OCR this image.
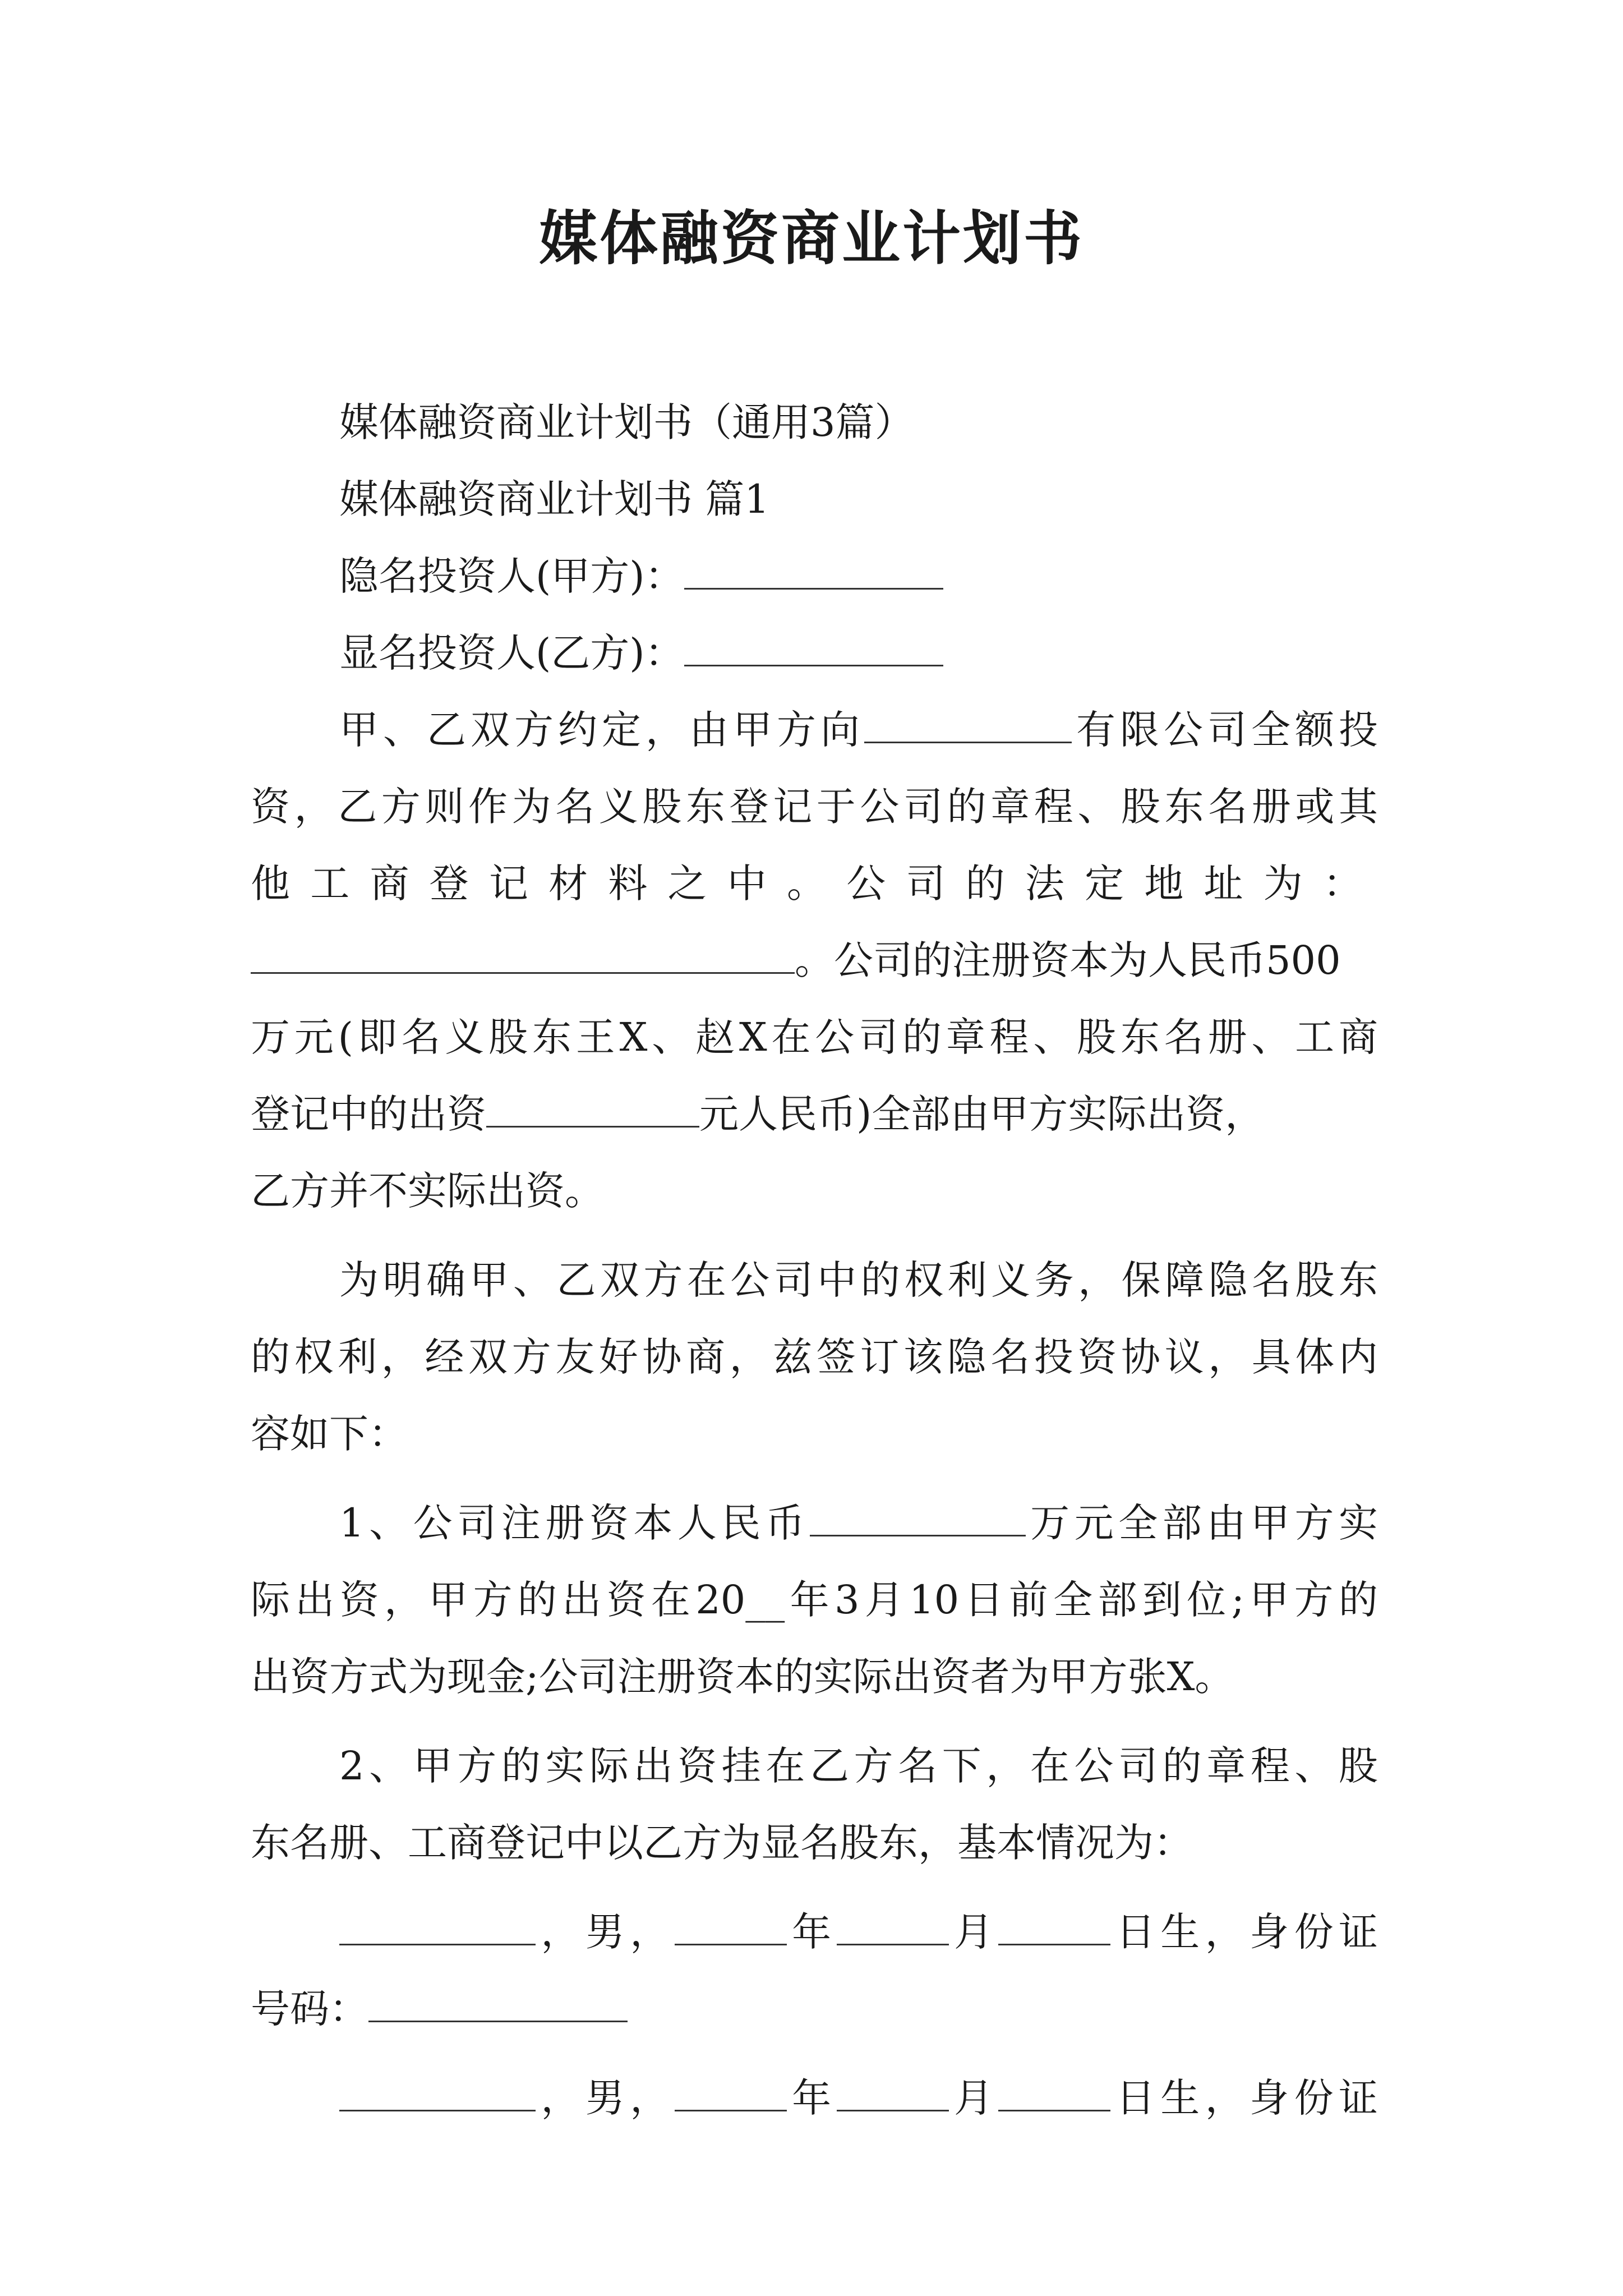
媒体融资商业计划书
媒体融资商业计划书（通用3篇）
媒体融资商业计划书 篇1
隐名投资人(甲方)：
显名投资人(乙方)：
甲、乙双方约定，由甲方向	有限公司全额投
资，乙方则作为名义股东登记于公司的章程、股东名册或其
他工商登记材料之中。公司的法定地址为：
。公司的注册资本为人民币500
万元(即名义股东王X、赵X在公司的章程、股东名册、工商
登记中的出资	元人民币)全部由甲方实际出资，
乙方并不实际出资。
为明确甲、乙双方在公司中的权利义务，保障隐名股东
的权利，经双方友好协商，兹签订该隐名投资协议，具体内
容如下：
1、公司注册资本人民币	万元全部由甲方实
际出资，甲方的出资在20__年3月10日前全部到位;甲方的
出资方式为现金;公司注册资本的实际出资者为甲方张X。
2、甲方的实际出资挂在乙方名下，在公司的章程、股
东名册、工商登记中以乙方为显名股东，基本情况为：
，男，	年	月	日生，身份证
号码：
，男，	年	月	日生，身份证
